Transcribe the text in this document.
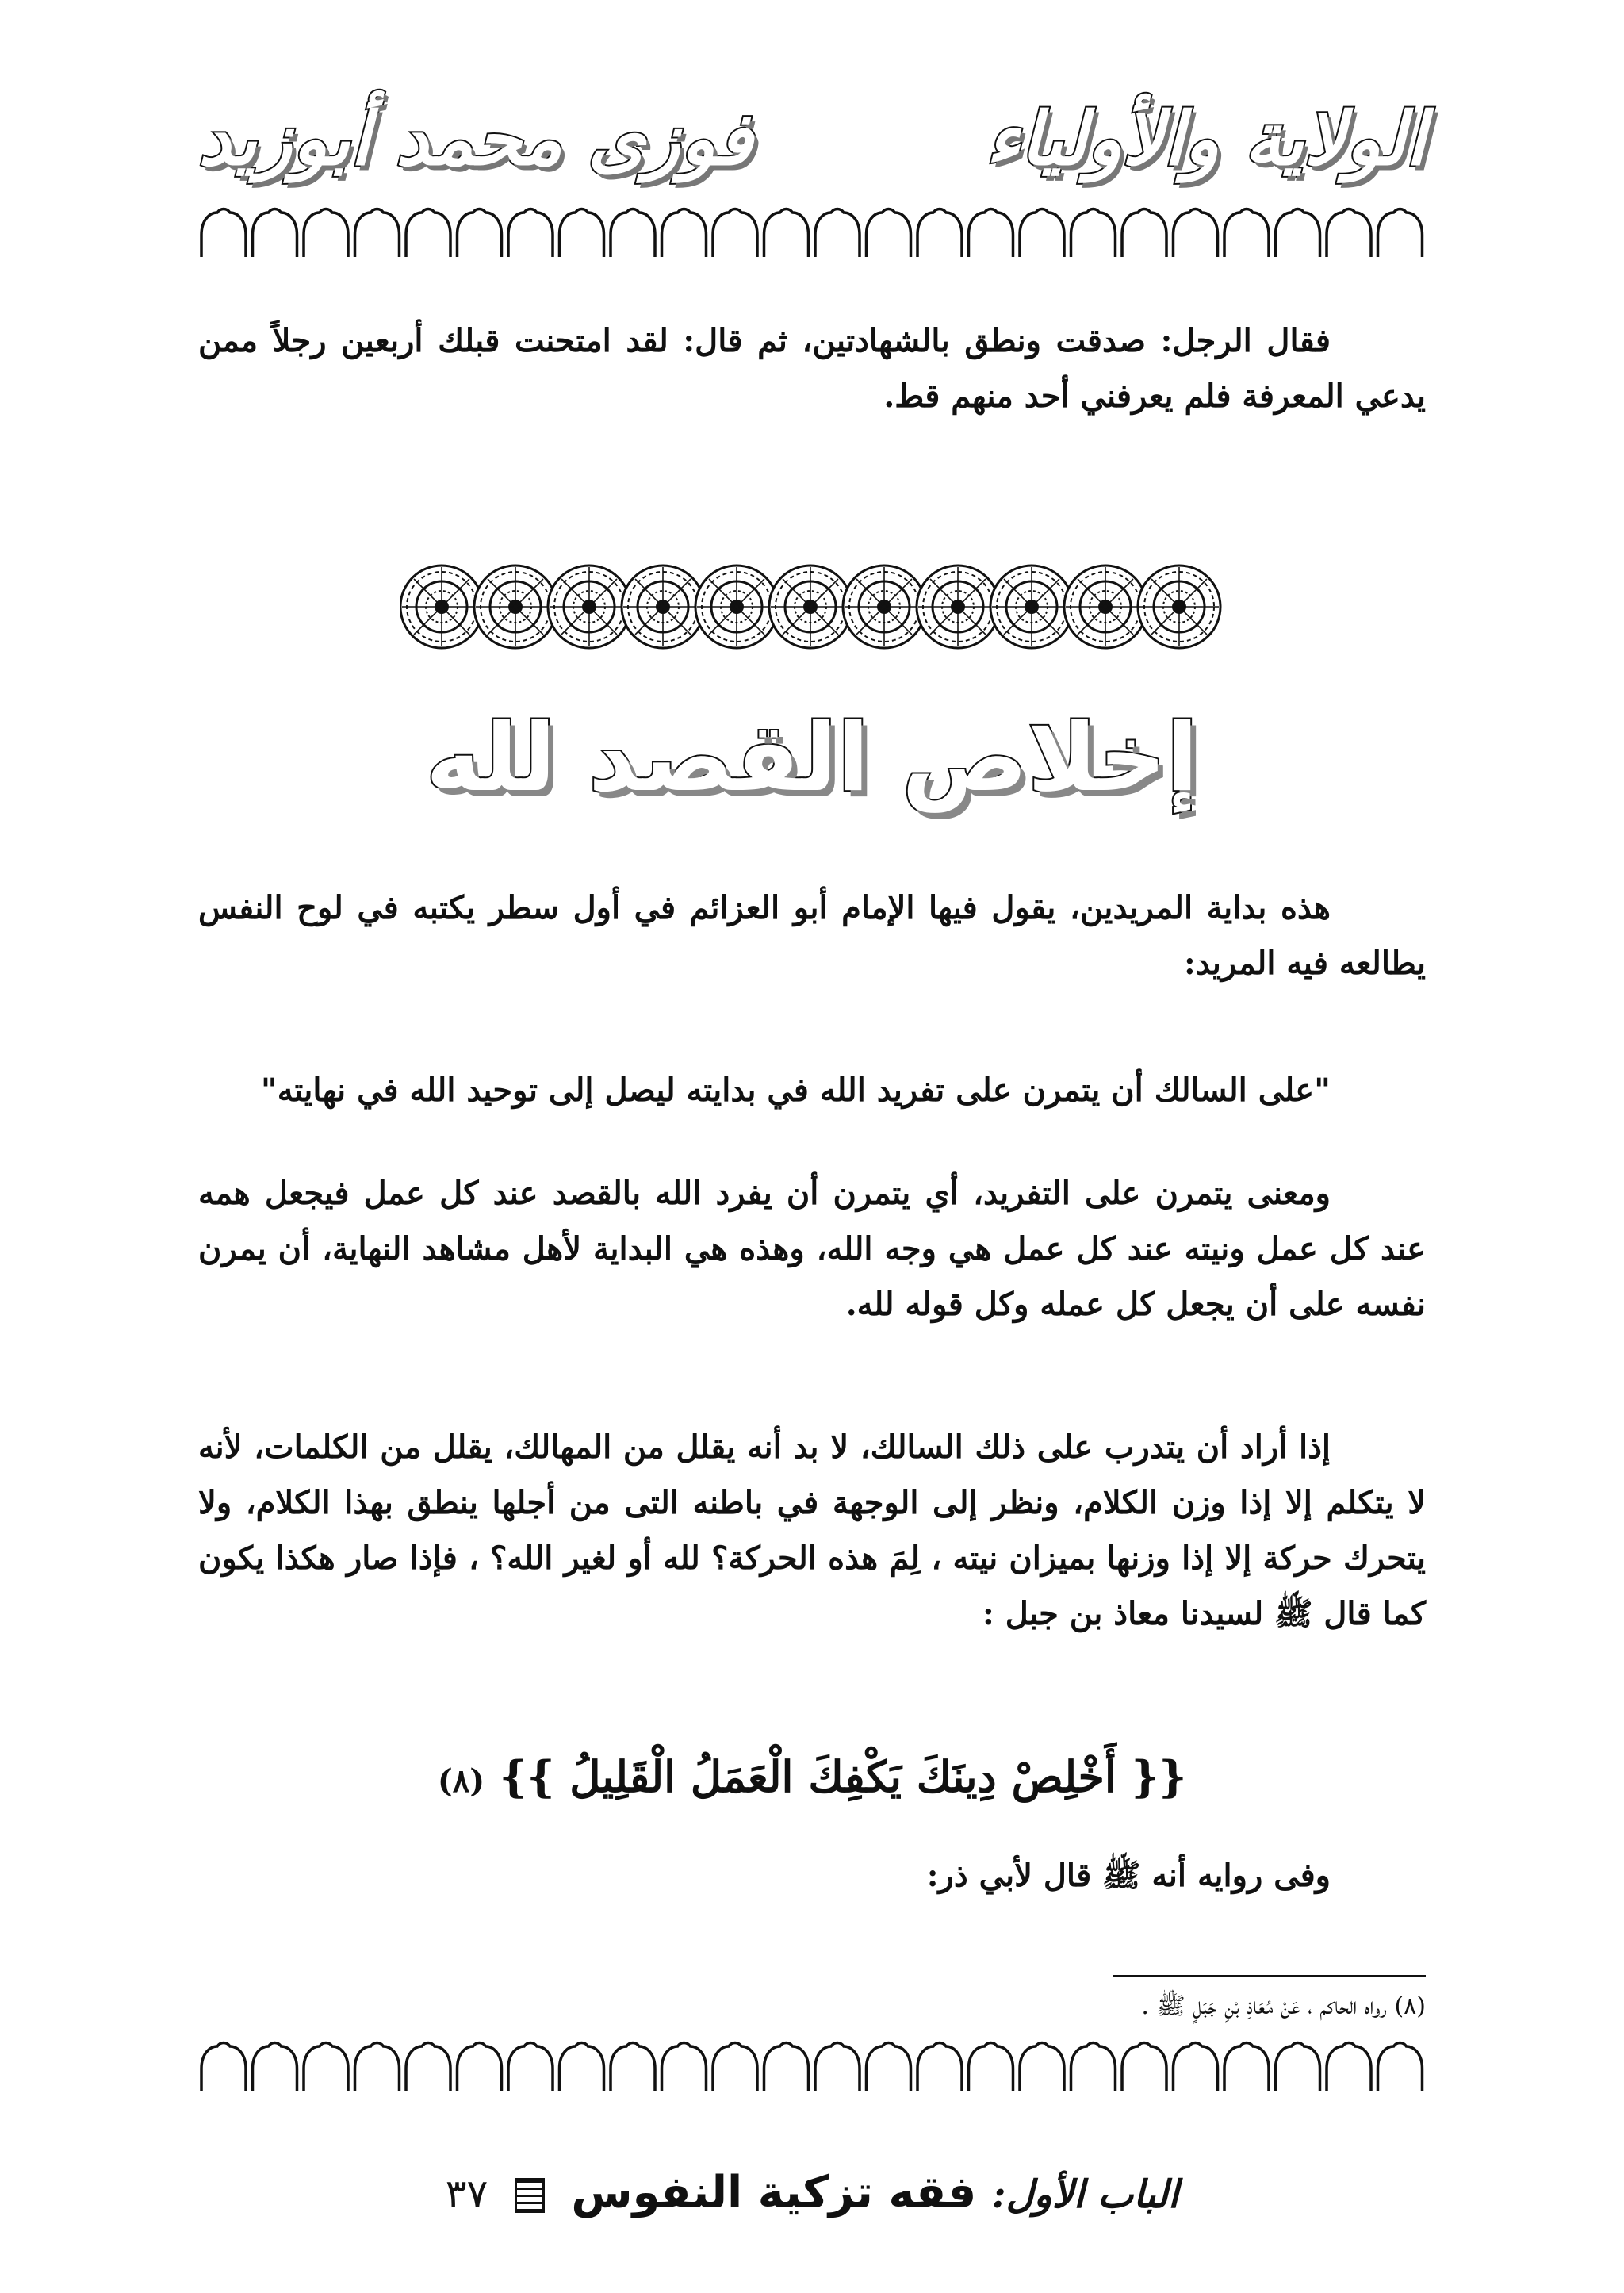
الولاية والأولياء
فوزى محمد أبوزيد

فقال الرجل: صدقت ونطق بالشهادتين، ثم قال: لقد امتحنت قبلك أربعين رجلاً ممن يدعي المعرفة فلم يعرفني أحد منهم قط.

إخلاص القصد لله

هذه بداية المريدين، يقول فيها الإمام أبو العزائم في أول سطر يكتبه في لوح النفس يطالعه فيه المريد:

"على السالك أن يتمرن على تفريد الله في بدايته ليصل إلى توحيد الله في نهايته"

ومعنى يتمرن على التفريد، أي يتمرن أن يفرد الله بالقصد عند كل عمل فيجعل همه عند كل عمل ونيته عند كل عمل هي وجه الله، وهذه هي البداية لأهل مشاهد النهاية، أن يمرن نفسه على أن يجعل كل عمله وكل قوله لله.

إذا أراد أن يتدرب على ذلك السالك، لا بد أنه يقلل من المهالك، يقلل من الكلمات، لأنه لا يتكلم إلا إذا وزن الكلام، ونظر إلى الوجهة في باطنه التى من أجلها ينطق بهذا الكلام، ولا يتحرك حركة إلا إذا وزنها بميزان نيته ، لِمَ هذه الحركة؟ لله أو لغير الله؟ ، فإذا صار هكذا يكون كما قال ﷺ لسيدنا معاذ بن جبل :

{{ أَخْلِصْ دِينَكَ يَكْفِكَ الْعَمَلُ الْقَلِيلُ }} (٨)

وفى روايه أنه ﷺ قال لأبي ذر:

(٨) رواه الحاكم ، عَنْ مُعَاذِ بْنِ جَبَلٍ ﷺ .
الباب الأول: فقه تزكية النفوس  ٣٧
